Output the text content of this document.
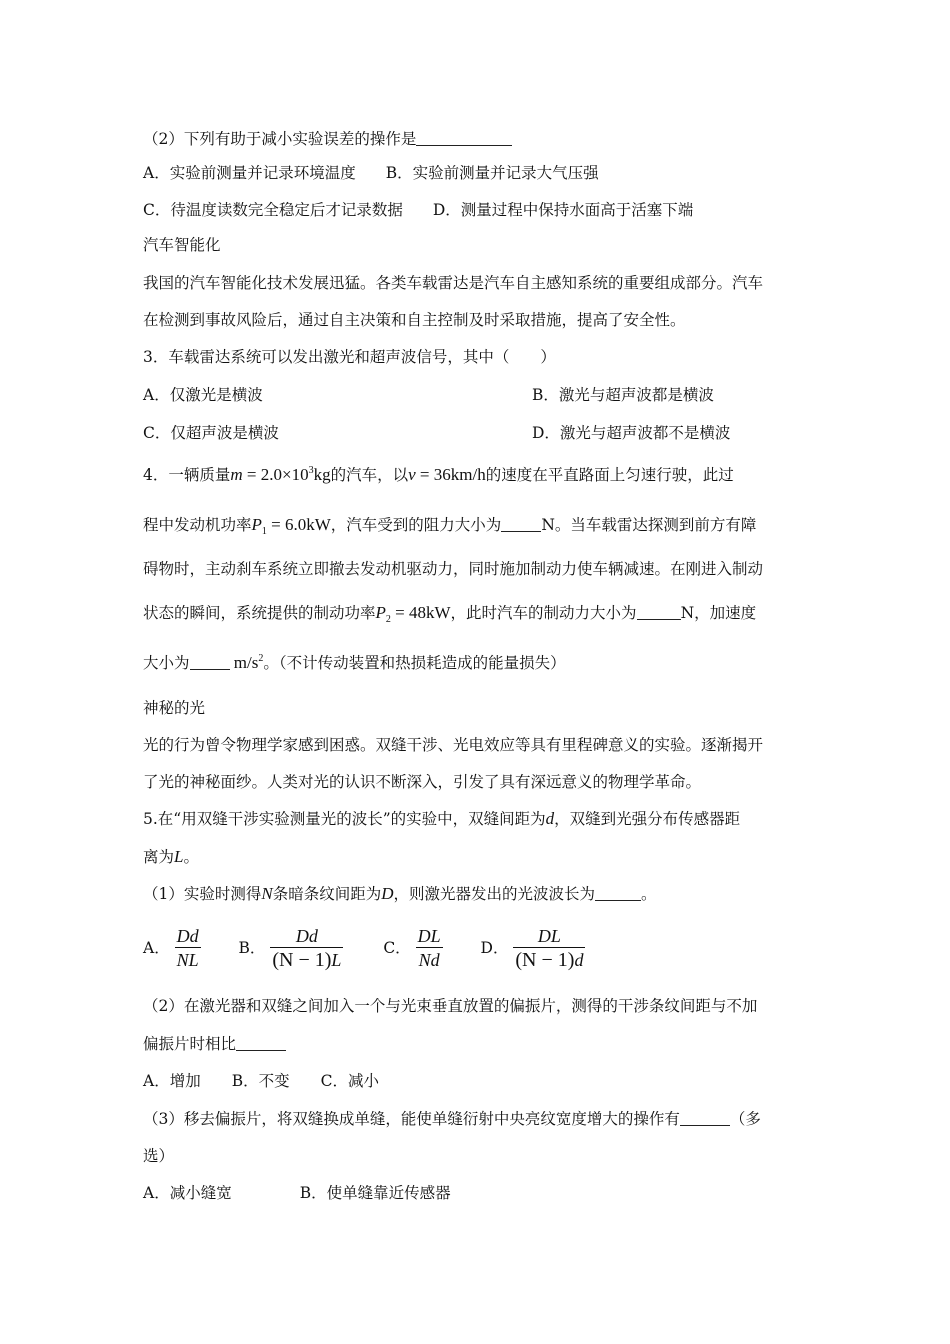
（2）下列有助于减小实验误差的操作是
A．实验前测量并记录环境温度 B．实验前测量并记录大气压强
C．待温度读数完全稳定后才记录数据 D．测量过程中保持水面高于活塞下端
汽车智能化
我国的汽车智能化技术发展迅猛。各类车载雷达是汽车自主感知系统的重要组成部分。汽车
在检测到事故风险后，通过自主决策和自主控制及时采取措施，提高了安全性。
3．车载雷达系统可以发出激光和超声波信号，其中（　　）
A．仅激光是横波	B．激光与超声波都是横波
C．仅超声波是横波	D．激光与超声波都不是横波
4．一辆质量$m = 2.0\times 10^3kg$的汽车，以v = 36km/h的速度在平直路面上匀速行驶，此过
程中发动机功率$P_1 = 6.0kW$，汽车受到的阻力大小为	N。当车载雷达探测到前方有障
碍物时，主动刹车系统立即撤去发动机驱动力，同时施加制动力使车辆减速。在刚进入制动
状态的瞬间，系统提供的制动功率$P_2 = 48kW$，此时汽车的制动力大小为	N，加速度
大小为	$m/s^2$。（不计传动装置和热损耗造成的能量损失）
神秘的光
光的行为曾令物理学家感到困惑。双缝干涉、光电效应等具有里程碑意义的实验。逐渐揭开
了光的神秘面纱。人类对光的认识不断深入，引发了具有深远意义的物理学革命。
5.在“用双缝干涉实验测量光的波长”的实验中，双缝间距为d，双缝到光强分布传感器距
离为L。
（1）实验时测得N条暗条纹间距为D，则激光器发出的光波波长为	。
A． $\frac{Dd}{NL}$ B． $\frac{Dd}{(N - 1)L}$	C． $\frac{DL}{Nd}$ D． $\frac{DL}{(N - 1)d}$
（2）在激光器和双缝之间加入一个与光束垂直放置的偏振片，测得的干涉条纹间距与不加
偏振片时相比
A．增加　　B．不变　　C．减小
（3）移去偏振片，将双缝换成单缝，能使单缝衍射中央亮纹宽度增大的操作有	（多
选）
A．减小缝宽	B．使单缝靠近传感器
